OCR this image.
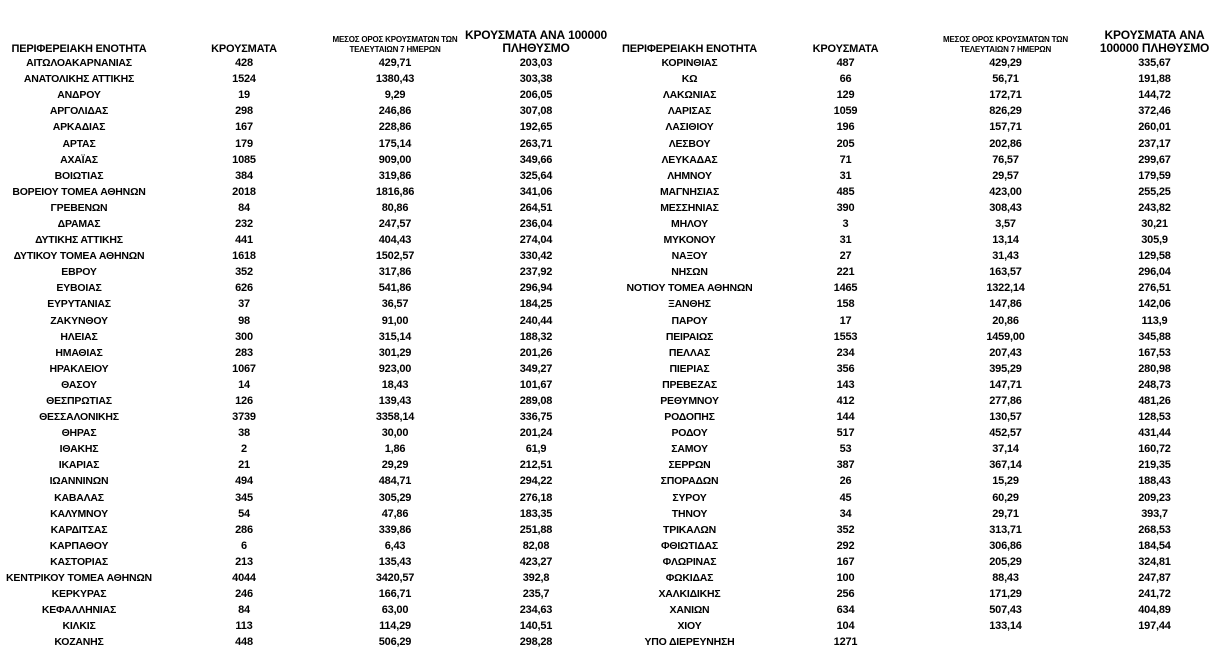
ΠΕΡΙΦΕΡΕΙΑΚΗ ΕΝΟΤΗΤΑ	ΚΡΟΥΣΜΑΤΑ	ΜΕΣΟΣ ΟΡΟΣ ΚΡΟΥΣΜΑΤΩΝ ΤΩΝ ΤΕΛΕΥΤΑΙΩΝ 7 ΗΜΕΡΩΝ	ΚΡΟΥΣΜΑΤΑ ΑΝΑ 100000 ΠΛΗΘΥΣΜΟ
ΑΙΤΩΛΟΑΚΑΡΝΑΝΙΑΣ	428	429,71	203,03
ΑΝΑΤΟΛΙΚΗΣ ΑΤΤΙΚΗΣ	1524	1380,43	303,38
ΑΝΔΡΟΥ	19	9,29	206,05
ΑΡΓΟΛΙΔΑΣ	298	246,86	307,08
ΑΡΚΑΔΙΑΣ	167	228,86	192,65
ΑΡΤΑΣ	179	175,14	263,71
ΑΧΑΪΑΣ	1085	909,00	349,66
ΒΟΙΩΤΙΑΣ	384	319,86	325,64
ΒΟΡΕΙΟΥ ΤΟΜΕΑ ΑΘΗΝΩΝ	2018	1816,86	341,06
ΓΡΕΒΕΝΩΝ	84	80,86	264,51
ΔΡΑΜΑΣ	232	247,57	236,04
ΔΥΤΙΚΗΣ ΑΤΤΙΚΗΣ	441	404,43	274,04
ΔΥΤΙΚΟΥ ΤΟΜΕΑ ΑΘΗΝΩΝ	1618	1502,57	330,42
ΕΒΡΟΥ	352	317,86	237,92
ΕΥΒΟΙΑΣ	626	541,86	296,94
ΕΥΡΥΤΑΝΙΑΣ	37	36,57	184,25
ΖΑΚΥΝΘΟΥ	98	91,00	240,44
ΗΛΕΙΑΣ	300	315,14	188,32
ΗΜΑΘΙΑΣ	283	301,29	201,26
ΗΡΑΚΛΕΙΟΥ	1067	923,00	349,27
ΘΑΣΟΥ	14	18,43	101,67
ΘΕΣΠΡΩΤΙΑΣ	126	139,43	289,08
ΘΕΣΣΑΛΟΝΙΚΗΣ	3739	3358,14	336,75
ΘΗΡΑΣ	38	30,00	201,24
ΙΘΑΚΗΣ	2	1,86	61,9
ΙΚΑΡΙΑΣ	21	29,29	212,51
ΙΩΑΝΝΙΝΩΝ	494	484,71	294,22
ΚΑΒΑΛΑΣ	345	305,29	276,18
ΚΑΛΥΜΝΟΥ	54	47,86	183,35
ΚΑΡΔΙΤΣΑΣ	286	339,86	251,88
ΚΑΡΠΑΘΟΥ	6	6,43	82,08
ΚΑΣΤΟΡΙΑΣ	213	135,43	423,27
ΚΕΝΤΡΙΚΟΥ ΤΟΜΕΑ ΑΘΗΝΩΝ	4044	3420,57	392,8
ΚΕΡΚΥΡΑΣ	246	166,71	235,7
ΚΕΦΑΛΛΗΝΙΑΣ	84	63,00	234,63
ΚΙΛΚΙΣ	113	114,29	140,51
ΚΟΖΑΝΗΣ	448	506,29	298,28
ΠΕΡΙΦΕΡΕΙΑΚΗ ΕΝΟΤΗΤΑ	ΚΡΟΥΣΜΑΤΑ	ΜΕΣΟΣ ΟΡΟΣ ΚΡΟΥΣΜΑΤΩΝ ΤΩΝ ΤΕΛΕΥΤΑΙΩΝ 7 ΗΜΕΡΩΝ	ΚΡΟΥΣΜΑΤΑ ΑΝΑ 100000 ΠΛΗΘΥΣΜΟ
ΚΟΡΙΝΘΙΑΣ	487	429,29	335,67
ΚΩ	66	56,71	191,88
ΛΑΚΩΝΙΑΣ	129	172,71	144,72
ΛΑΡΙΣΑΣ	1059	826,29	372,46
ΛΑΣΙΘΙΟΥ	196	157,71	260,01
ΛΕΣΒΟΥ	205	202,86	237,17
ΛΕΥΚΑΔΑΣ	71	76,57	299,67
ΛΗΜΝΟΥ	31	29,57	179,59
ΜΑΓΝΗΣΙΑΣ	485	423,00	255,25
ΜΕΣΣΗΝΙΑΣ	390	308,43	243,82
ΜΗΛΟΥ	3	3,57	30,21
ΜΥΚΟΝΟΥ	31	13,14	305,9
ΝΑΞΟΥ	27	31,43	129,58
ΝΗΣΩΝ	221	163,57	296,04
ΝΟΤΙΟΥ ΤΟΜΕΑ ΑΘΗΝΩΝ	1465	1322,14	276,51
ΞΑΝΘΗΣ	158	147,86	142,06
ΠΑΡΟΥ	17	20,86	113,9
ΠΕΙΡΑΙΩΣ	1553	1459,00	345,88
ΠΕΛΛΑΣ	234	207,43	167,53
ΠΙΕΡΙΑΣ	356	395,29	280,98
ΠΡΕΒΕΖΑΣ	143	147,71	248,73
ΡΕΘΥΜΝΟΥ	412	277,86	481,26
ΡΟΔΟΠΗΣ	144	130,57	128,53
ΡΟΔΟΥ	517	452,57	431,44
ΣΑΜΟΥ	53	37,14	160,72
ΣΕΡΡΩΝ	387	367,14	219,35
ΣΠΟΡΑΔΩΝ	26	15,29	188,43
ΣΥΡΟΥ	45	60,29	209,23
ΤΗΝΟΥ	34	29,71	393,7
ΤΡΙΚΑΛΩΝ	352	313,71	268,53
ΦΘΙΩΤΙΔΑΣ	292	306,86	184,54
ΦΛΩΡΙΝΑΣ	167	205,29	324,81
ΦΩΚΙΔΑΣ	100	88,43	247,87
ΧΑΛΚΙΔΙΚΗΣ	256	171,29	241,72
ΧΑΝΙΩΝ	634	507,43	404,89
ΧΙΟΥ	104	133,14	197,44
ΥΠΟ ΔΙΕΡΕΥΝΗΣΗ	1271		
